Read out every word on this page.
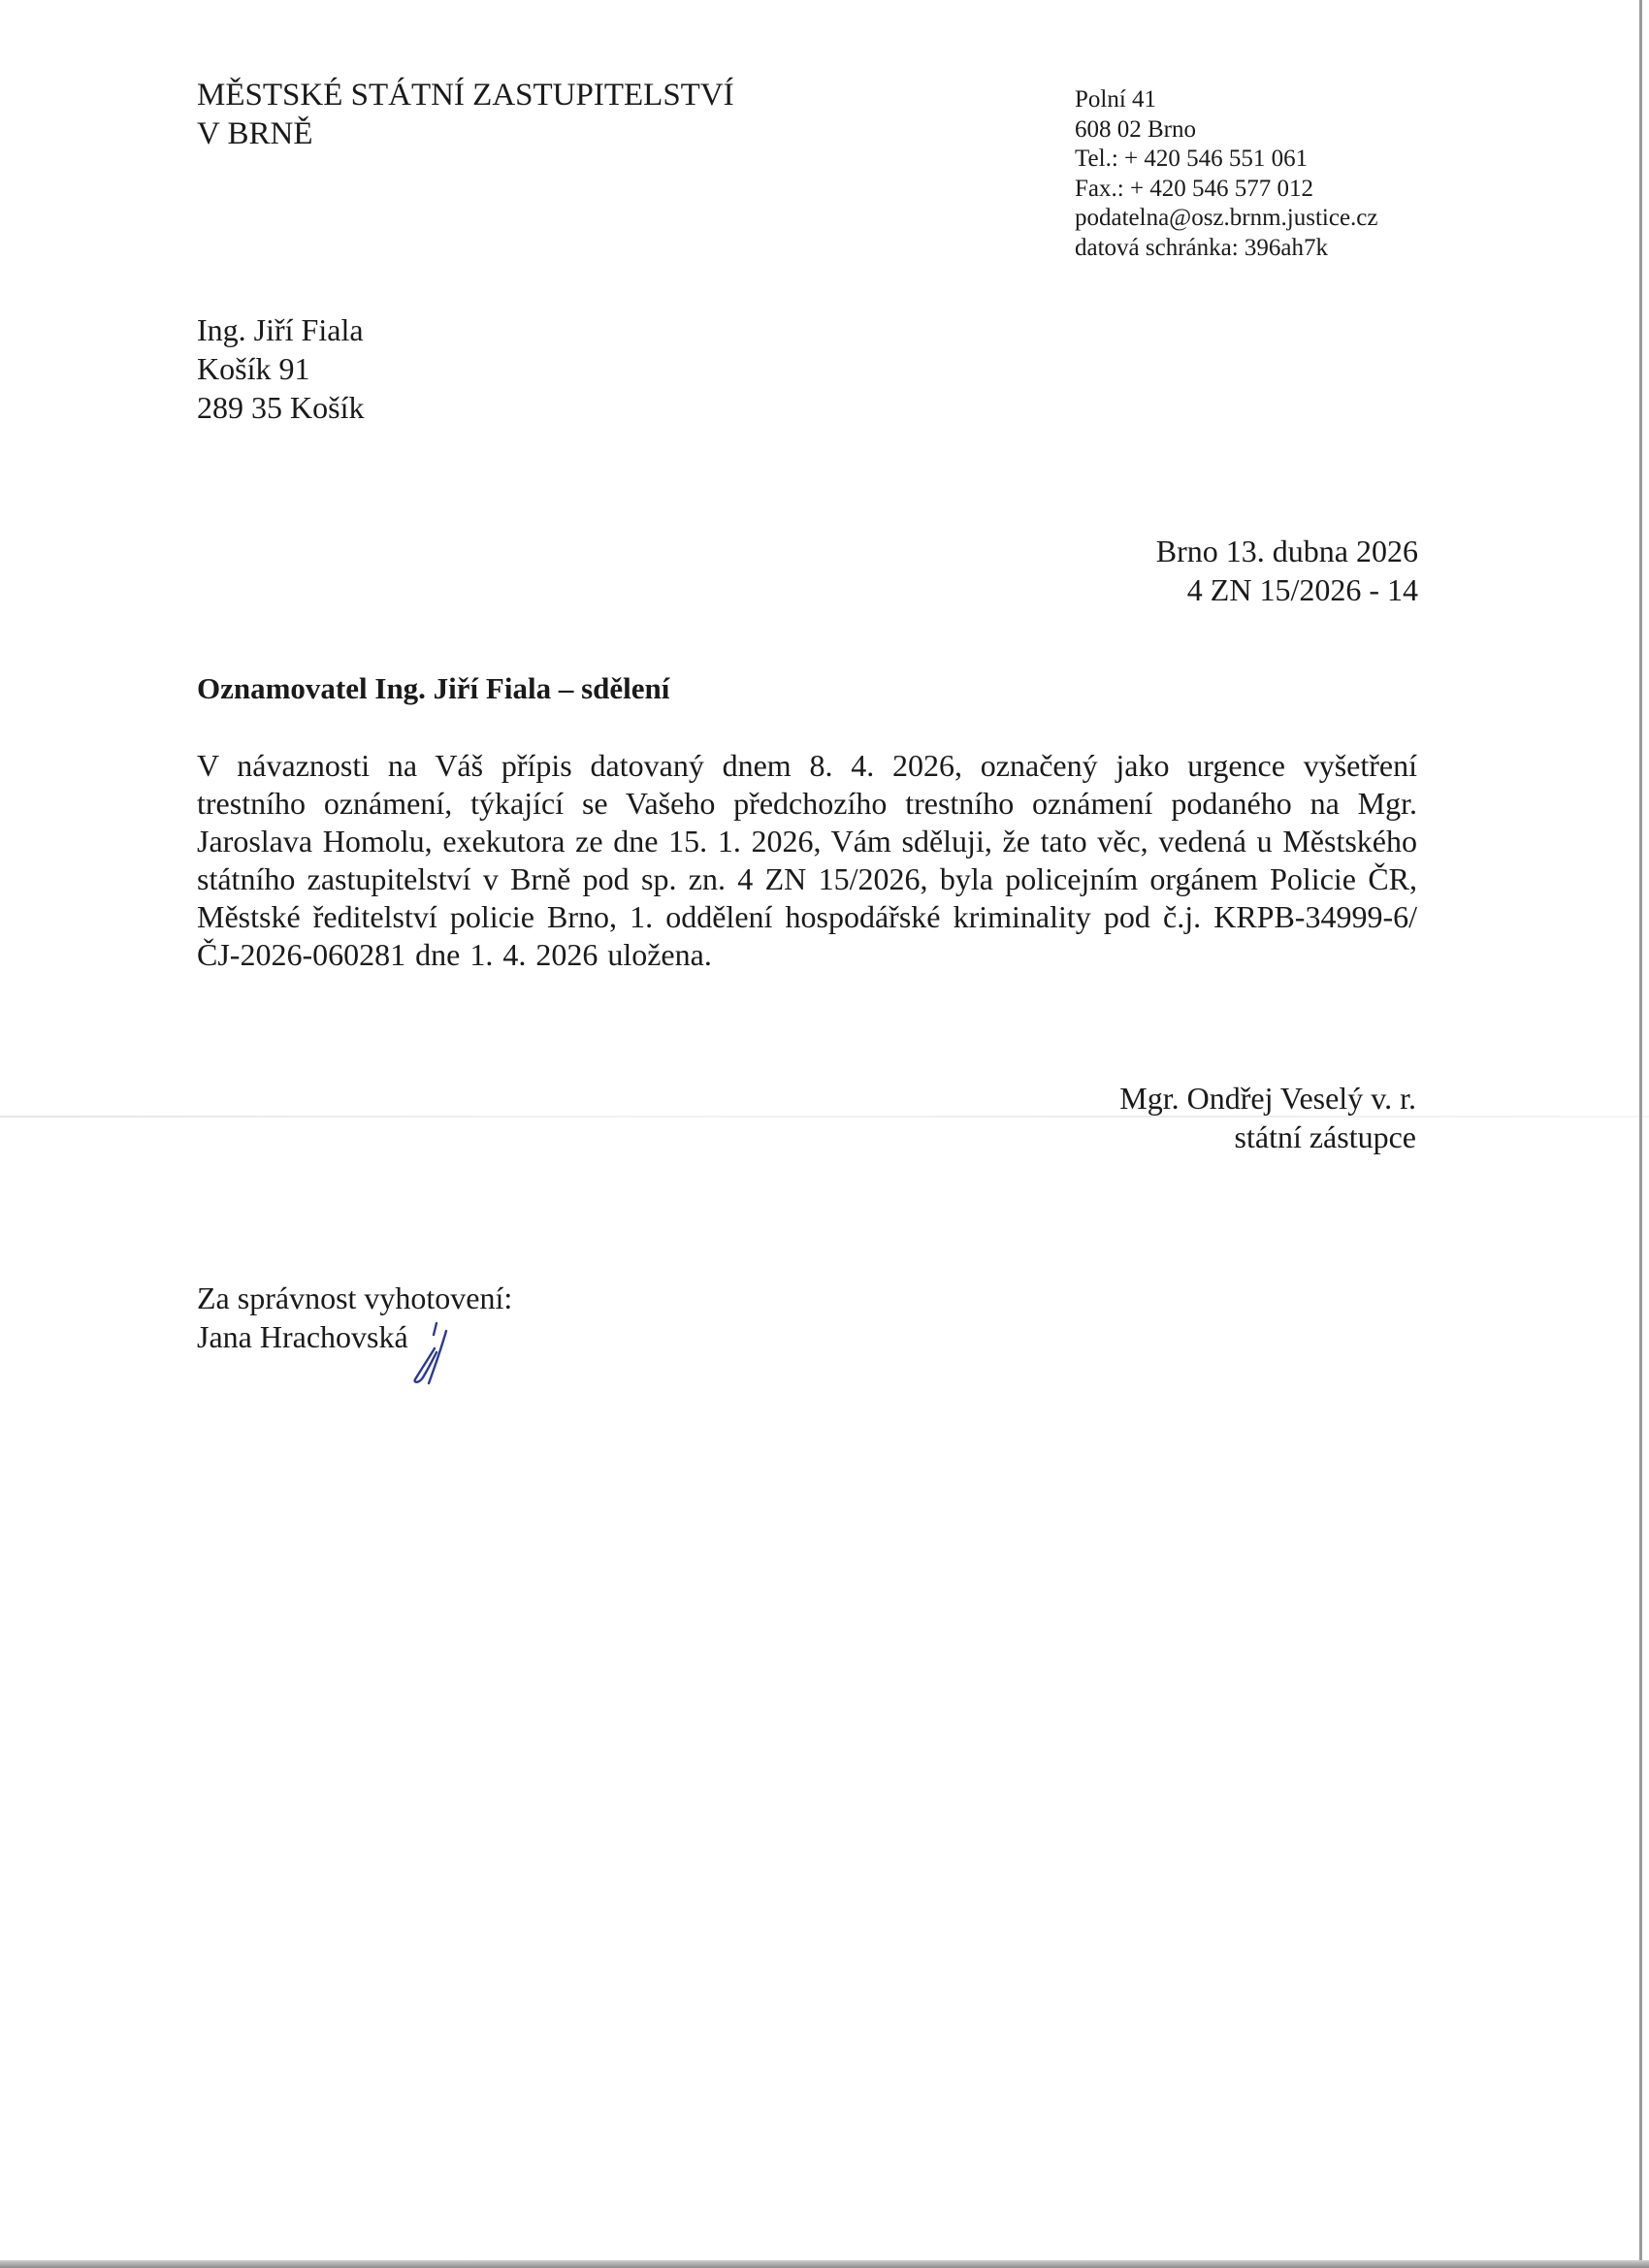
MĚSTSKÉ STÁTNÍ ZASTUPITELSTVÍ
V BRNĚ
Polní 41
608 02 Brno
Tel.: + 420 546 551 061
Fax.: + 420 546 577 012
podatelna@osz.brnm.justice.cz
datová schránka: 396ah7k
Ing. Jiří Fiala
Košík 91
289 35 Košík
Brno 13. dubna 2026
4 ZN 15/2026 - 14
Oznamovatel Ing. Jiří Fiala – sdělení
V návaznosti na Váš přípis datovaný dnem 8. 4. 2026, označený jako urgence vyšetření trestního oznámení, týkající se Vašeho předchozího trestního oznámení podaného na Mgr. Jaroslava Homolu, exekutora ze dne 15. 1. 2026, Vám sděluji, že tato věc, vedená u Městského státního zastupitelství v Brně pod sp. zn. 4 ZN 15/2026, byla policejním orgánem Policie ČR, Městské ředitelství policie Brno, 1. oddělení hospodářské kriminality pod č.j. KRPB-34999-6/ČJ-2026-060281 dne 1. 4. 2026 uložena.
Mgr. Ondřej Veselý v. r.
státní zástupce
Za správnost vyhotovení:
Jana Hrachovská
